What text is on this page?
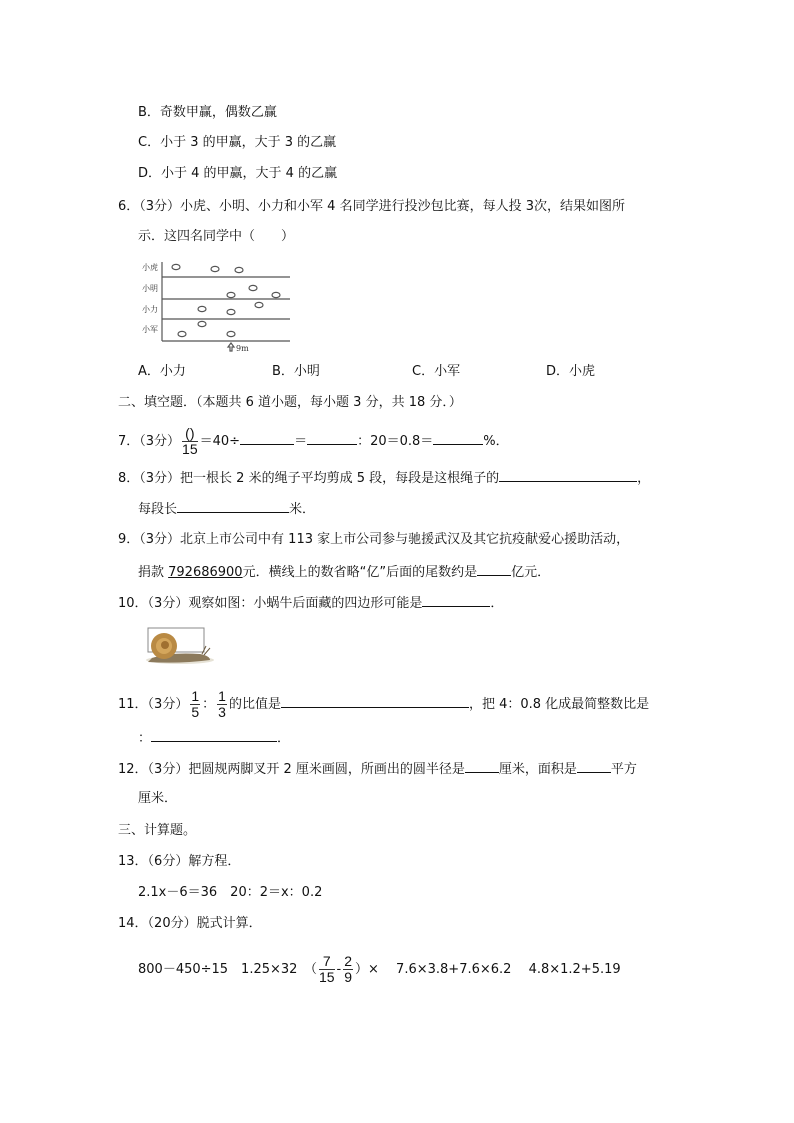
B．奇数甲赢，偶数乙赢
C．小于 3 的甲赢，大于 3 的乙赢
D．小于 4 的甲赢，大于 4 的乙赢
6．（3分）小虎、小明、小力和小军 4 名同学进行投沙包比赛，每人投 3次，结果如图所
示．这四名同学中（　　）
小虎
小明
小力
小军
9m
A．小力	B．小明	C．小军	D．小虎
二、填空题．（本题共 6 道小题，每小题 3 分，共 18 分．）
7．（3分） $\frac{()}{15} =40\div$	＝	：20＝0.8＝	%．
8．（3分）把一根长 2 米的绳子平均剪成 5 段，每段是这根绳子的	，
每段长	米．
9．（3分）北京上市公司中有 113 家上市公司参与驰援武汉及其它抗疫献爱心援助活动，
捐款 792686900元．横线上的数省略“亿”后面的尾数约是	亿元．
10．（3分）观察如图：小蜗牛后面藏的四边形可能是	．
11．（3分） $\frac{1}{5}$ ： $\frac{1}{3}$ 的比值是	，把 4：0.8 化成最简整数比是
：	．
12．（3分）把圆规两脚叉开 2 厘米画圆，所画出的圆半径是	厘米，面积是	平方
厘米．
三、计算题。
13．（6分）解方程．
2.1x－6＝36　20：2＝x：0.2
14．（20分）脱式计算．
800－450÷15　1.25×32　（ $\frac{7}{15} - \frac{2}{9}$ ）×　 7.6×3.8+7.6×6.2　 4.8×1.2+5.19
